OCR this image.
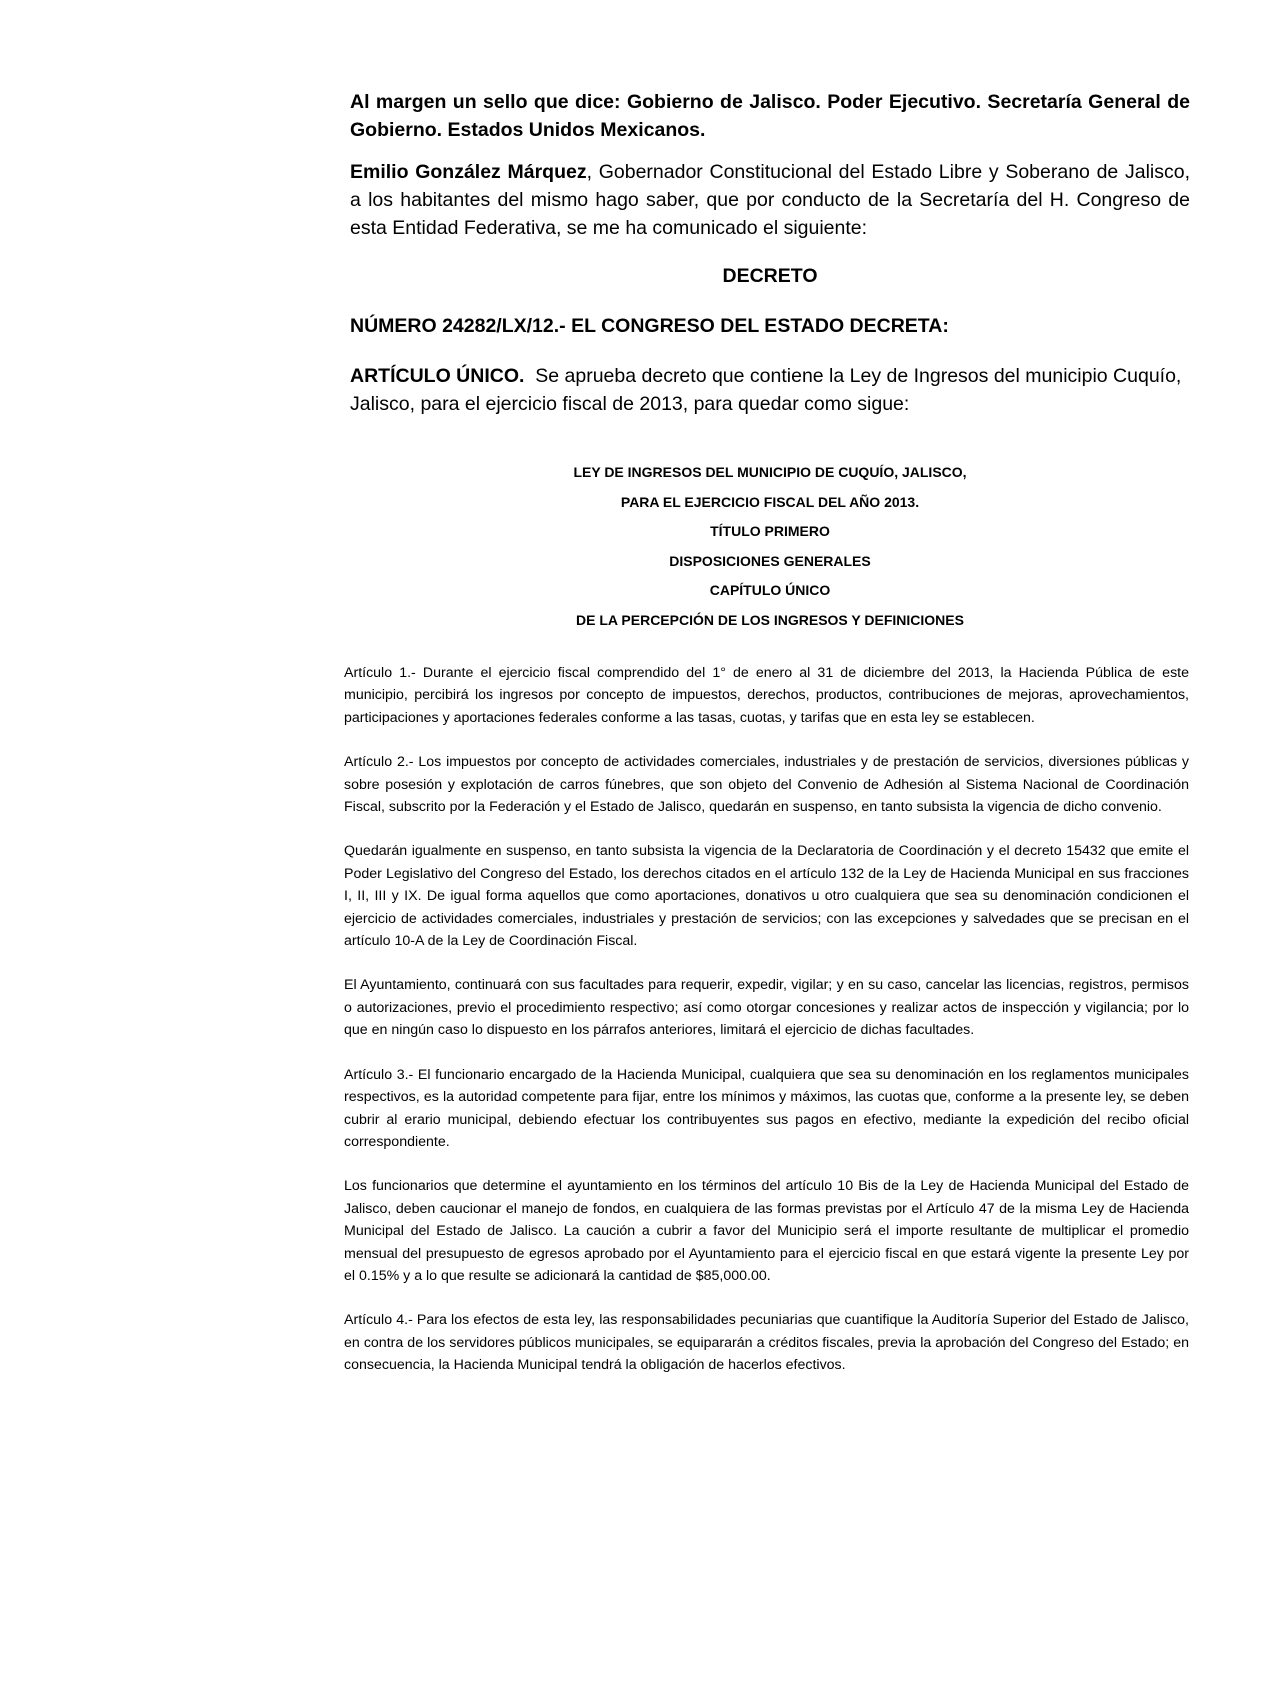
Al margen un sello que dice: Gobierno de Jalisco. Poder Ejecutivo. Secretaría General de Gobierno. Estados Unidos Mexicanos.

Emilio González Márquez, Gobernador Constitucional del Estado Libre y Soberano de Jalisco, a los habitantes del mismo hago saber, que por conducto de la Secretaría del H. Congreso de esta Entidad Federativa, se me ha comunicado el siguiente:

DECRETO

NÚMERO 24282/LX/12.- EL CONGRESO DEL ESTADO DECRETA:

ARTÍCULO ÚNICO. Se aprueba decreto que contiene la Ley de Ingresos del municipio Cuquío, Jalisco, para el ejercicio fiscal de 2013, para quedar como sigue:

LEY DE INGRESOS DEL MUNICIPIO DE CUQUÍO, JALISCO,
PARA EL EJERCICIO FISCAL DEL AÑO 2013.
TÍTULO PRIMERO
DISPOSICIONES GENERALES
CAPÍTULO ÚNICO
DE LA PERCEPCIÓN DE LOS INGRESOS Y DEFINICIONES

Artículo 1.- Durante el ejercicio fiscal comprendido del 1° de enero al 31 de diciembre del 2013, la Hacienda Pública de este municipio, percibirá los ingresos por concepto de impuestos, derechos, productos, contribuciones de mejoras, aprovechamientos, participaciones y aportaciones federales conforme a las tasas, cuotas, y tarifas que en esta ley se establecen.

Artículo 2.- Los impuestos por concepto de actividades comerciales, industriales y de prestación de servicios, diversiones públicas y sobre posesión y explotación de carros fúnebres, que son objeto del Convenio de Adhesión al Sistema Nacional de Coordinación Fiscal, subscrito por la Federación y el Estado de Jalisco, quedarán en suspenso, en tanto subsista la vigencia de dicho convenio.

Quedarán igualmente en suspenso, en tanto subsista la vigencia de la Declaratoria de Coordinación y el decreto 15432 que emite el Poder Legislativo del Congreso del Estado, los derechos citados en el artículo 132 de la Ley de Hacienda Municipal en sus fracciones I, II, III y IX. De igual forma aquellos que como aportaciones, donativos u otro cualquiera que sea su denominación condicionen el ejercicio de actividades comerciales, industriales y prestación de servicios; con las excepciones y salvedades que se precisan en el artículo 10-A de la Ley de Coordinación Fiscal.

El Ayuntamiento, continuará con sus facultades para requerir, expedir, vigilar; y en su caso, cancelar las licencias, registros, permisos o autorizaciones, previo el procedimiento respectivo; así como otorgar concesiones y realizar actos de inspección y vigilancia; por lo que en ningún caso lo dispuesto en los párrafos anteriores, limitará el ejercicio de dichas facultades.

Artículo 3.- El funcionario encargado de la Hacienda Municipal, cualquiera que sea su denominación en los reglamentos municipales respectivos, es la autoridad competente para fijar, entre los mínimos y máximos, las cuotas que, conforme a la presente ley, se deben cubrir al erario municipal, debiendo efectuar los contribuyentes sus pagos en efectivo, mediante la expedición del recibo oficial correspondiente.

Los funcionarios que determine el ayuntamiento en los términos del artículo 10 Bis de la Ley de Hacienda Municipal del Estado de Jalisco, deben caucionar el manejo de fondos, en cualquiera de las formas previstas por el Artículo 47 de la misma Ley de Hacienda Municipal del Estado de Jalisco. La caución a cubrir a favor del Municipio será el importe resultante de multiplicar el promedio mensual del presupuesto de egresos aprobado por el Ayuntamiento para el ejercicio fiscal en que estará vigente la presente Ley por el 0.15% y a lo que resulte se adicionará la cantidad de $85,000.00.

Artículo 4.- Para los efectos de esta ley, las responsabilidades pecuniarias que cuantifique la Auditoría Superior del Estado de Jalisco, en contra de los servidores públicos municipales, se equipararán a créditos fiscales, previa la aprobación del Congreso del Estado; en consecuencia, la Hacienda Municipal tendrá la obligación de hacerlos efectivos.
